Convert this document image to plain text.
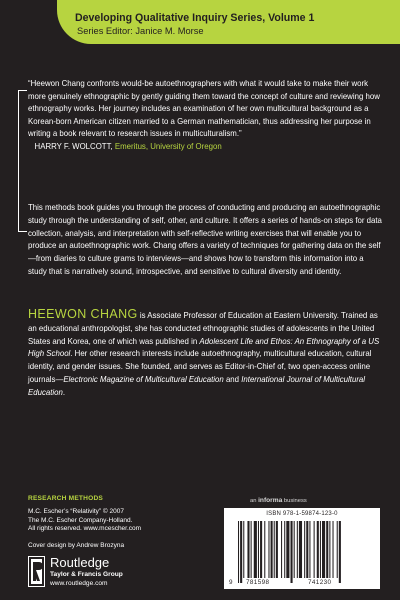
Developing Qualitative Inquiry Series, Volume 1
Series Editor: Janice M. Morse
“Heewon Chang confronts would-be autoethnographers with what it would take to make their work more genuinely ethnographic by gently guiding them toward the concept of culture and reviewing how ethnography works. Her journey includes an examination of her own multicultural background as a Korean-born American citizen married to a German mathematician, thus addressing her purpose in writing a book relevant to research issues in multiculturalism.”    HARRY F. WOLCOTT, Emeritus, University of Oregon
This methods book guides you through the process of conducting and producing an autoethnographic study through the understanding of self, other, and culture. It offers a series of hands-on steps for data collection, analysis, and interpretation with self-reflective writing exercises that will enable you to produce an autoethnographic work. Chang offers a variety of techniques for gathering data on the self—from diaries to culture grams to interviews—and shows how to transform this information into a study that is narratively sound, introspective, and sensitive to cultural diversity and identity.
HEEWON CHANG is Associate Professor of Education at Eastern University. Trained as an educational anthropologist, she has conducted ethnographic studies of adolescents in the United States and Korea, one of which was published in Adolescent Life and Ethos: An Ethnography of a US High School. Her other research interests include autoethnography, multicultural education, cultural identity, and gender issues. She founded, and serves as Editor-in-Chief of, two open-access online journals—Electronic Magazine of Multicultural Education and International Journal of Multicultural Education.
RESEARCH METHODS
M.C. Escher’s “Relativity” © 2007
The M.C. Escher Company-Holland.
All rights reserved. www.mcescher.com
Cover design by Andrew Brozyna
Routledge
Taylor & Francis Group
www.routledge.com
an informa business
ISBN 978-1-59874-123-0
9 781598	741230
